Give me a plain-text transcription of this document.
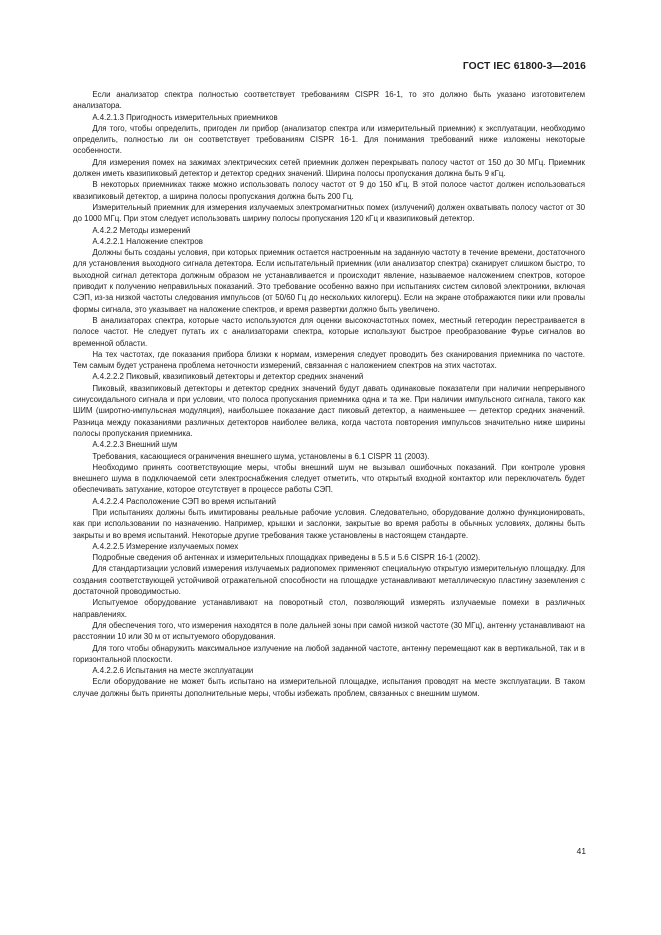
ГОСТ IEC 61800-3—2016

Если анализатор спектра полностью соответствует требованиям CISPR 16-1, то это должно быть указано изготовителем анализатора.

А.4.2.1.3 Пригодность измерительных приемников

Для того, чтобы определить, пригоден ли прибор (анализатор спектра или измерительный приемник) к эксплуатации, необходимо определить, полностью ли он соответствует требованиям CISPR 16-1. Для понимания требований ниже изложены некоторые особенности.

Для измерения помех на зажимах электрических сетей приемник должен перекрывать полосу частот от 150 до 30 МГц. Приемник должен иметь квазипиковый детектор и детектор средних значений. Ширина полосы пропускания должна быть 9 кГц.

В некоторых приемниках также можно использовать полосу частот от 9 до 150 кГц. В этой полосе частот должен использоваться квазипиковый детектор, а ширина полосы пропускания должна быть 200 Гц.

Измерительный приемник для измерения излучаемых электромагнитных помех (излучений) должен охватывать полосу частот от 30 до 1000 МГц. При этом следует использовать ширину полосы пропускания 120 кГц и квазипиковый детектор.

А.4.2.2 Методы измерений

А.4.2.2.1 Наложение спектров

Должны быть созданы условия, при которых приемник остается настроенным на заданную частоту в течение времени, достаточного для установления выходного сигнала детектора. Если испытательный приемник (или анализатор спектра) сканирует слишком быстро, то выходной сигнал детектора должным образом не устанавливается и происходит явление, называемое наложением спектров, которое приводит к получению неправильных показаний. Это требование особенно важно при испытаниях систем силовой электроники, включая СЭП, из-за низкой частоты следования импульсов (от 50/60 Гц до нескольких килогерц). Если на экране отображаются пики или провалы формы сигнала, это указывает на наложение спектров, и время развертки должно быть увеличено.

В анализаторах спектра, которые часто используются для оценки высокочастотных помех, местный гетеродин перестраивается в полосе частот. Не следует путать их с анализаторами спектра, которые используют быстрое преобразование Фурье сигналов во временной области.

На тех частотах, где показания прибора близки к нормам, измерения следует проводить без сканирования приемника по частоте. Тем самым будет устранена проблема неточности измерений, связанная с наложением спектров на этих частотах.

А.4.2.2.2 Пиковый, квазипиковый детекторы и детектор средних значений

Пиковый, квазипиковый детекторы и детектор средних значений будут давать одинаковые показатели при наличии непрерывного синусоидального сигнала и при условии, что полоса пропускания приемника одна и та же. При наличии импульсного сигнала, такого как ШИМ (широтно-импульсная модуляция), наибольшее показание даст пиковый детектор, а наименьшее — детектор средних значений. Разница между показаниями различных детекторов наиболее велика, когда частота повторения импульсов значительно ниже ширины полосы пропускания приемника.

А.4.2.2.3 Внешний шум

Требования, касающиеся ограничения внешнего шума, установлены в 6.1 CISPR 11 (2003).

Необходимо принять соответствующие меры, чтобы внешний шум не вызывал ошибочных показаний. При контроле уровня внешнего шума в подключаемой сети электроснабжения следует отметить, что открытый входной контактор или переключатель будет обеспечивать затухание, которое отсутствует в процессе работы СЭП.

А.4.2.2.4 Расположение СЭП во время испытаний

При испытаниях должны быть имитированы реальные рабочие условия. Следовательно, оборудование должно функционировать, как при использовании по назначению. Например, крышки и заслонки, закрытые во время работы в обычных условиях, должны быть закрыты и во время испытаний. Некоторые другие требования также установлены в настоящем стандарте.

А.4.2.2.5 Измерение излучаемых помех

Подробные сведения об антеннах и измерительных площадках приведены в 5.5 и 5.6 CISPR 16-1 (2002).

Для стандартизации условий измерения излучаемых радиопомех применяют специальную открытую измерительную площадку. Для создания соответствующей устойчивой отражательной способности на площадке устанавливают металлическую пластину заземления с достаточной проводимостью.

Испытуемое оборудование устанавливают на поворотный стол, позволяющий измерять излучаемые помехи в различных направлениях.

Для обеспечения того, что измерения находятся в поле дальней зоны при самой низкой частоте (30 МГц), антенну устанавливают на расстоянии 10 или 30 м от испытуемого оборудования.

Для того чтобы обнаружить максимальное излучение на любой заданной частоте, антенну перемещают как в вертикальной, так и в горизонтальной плоскости.

А.4.2.2.6 Испытания на месте эксплуатации

Если оборудование не может быть испытано на измерительной площадке, испытания проводят на месте эксплуатации. В таком случае должны быть приняты дополнительные меры, чтобы избежать проблем, связанных с внешним шумом.

41
